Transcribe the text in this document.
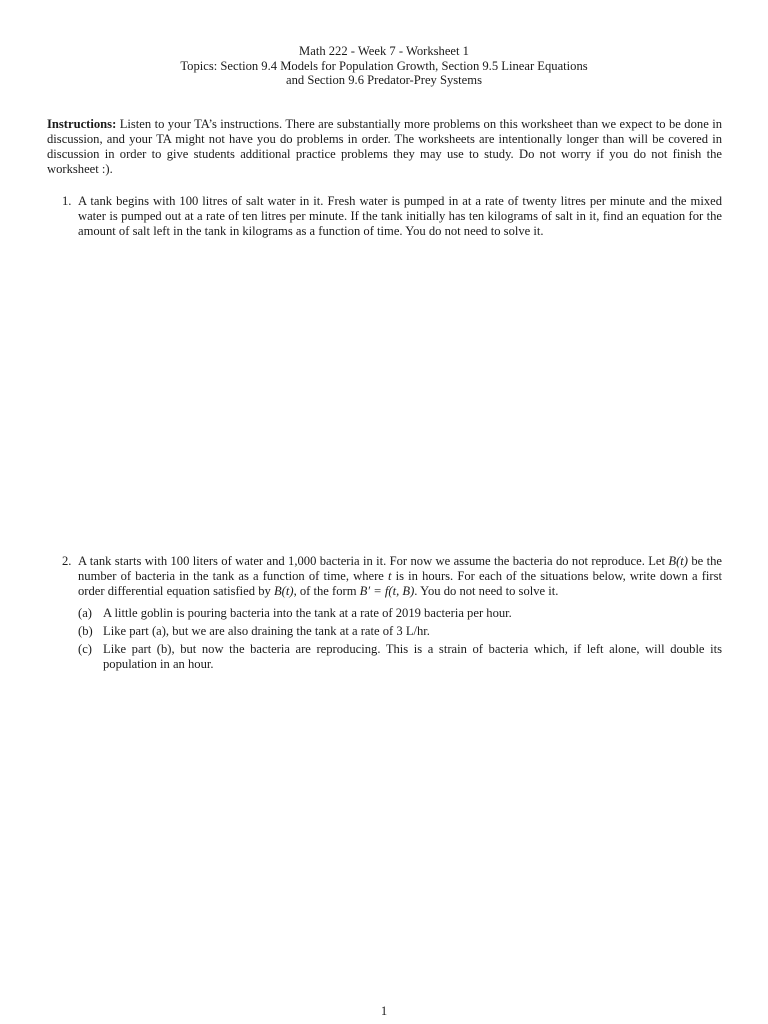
Math 222 - Week 7 - Worksheet 1
Topics: Section 9.4 Models for Population Growth, Section 9.5 Linear Equations
and Section 9.6 Predator-Prey Systems
Instructions: Listen to your TA’s instructions. There are substantially more problems on this worksheet than we expect to be done in discussion, and your TA might not have you do problems in order. The worksheets are intentionally longer than will be covered in discussion in order to give students additional practice problems they may use to study. Do not worry if you do not finish the worksheet :).
1. A tank begins with 100 litres of salt water in it. Fresh water is pumped in at a rate of twenty litres per minute and the mixed water is pumped out at a rate of ten litres per minute. If the tank initially has ten kilograms of salt in it, find an equation for the amount of salt left in the tank in kilograms as a function of time. You do not need to solve it.
2. A tank starts with 100 liters of water and 1,000 bacteria in it. For now we assume the bacteria do not reproduce. Let B(t) be the number of bacteria in the tank as a function of time, where t is in hours. For each of the situations below, write down a first order differential equation satisfied by B(t), of the form B′ = f(t, B). You do not need to solve it.
(a) A little goblin is pouring bacteria into the tank at a rate of 2019 bacteria per hour.
(b) Like part (a), but we are also draining the tank at a rate of 3 L/hr.
(c) Like part (b), but now the bacteria are reproducing. This is a strain of bacteria which, if left alone, will double its population in an hour.
1
